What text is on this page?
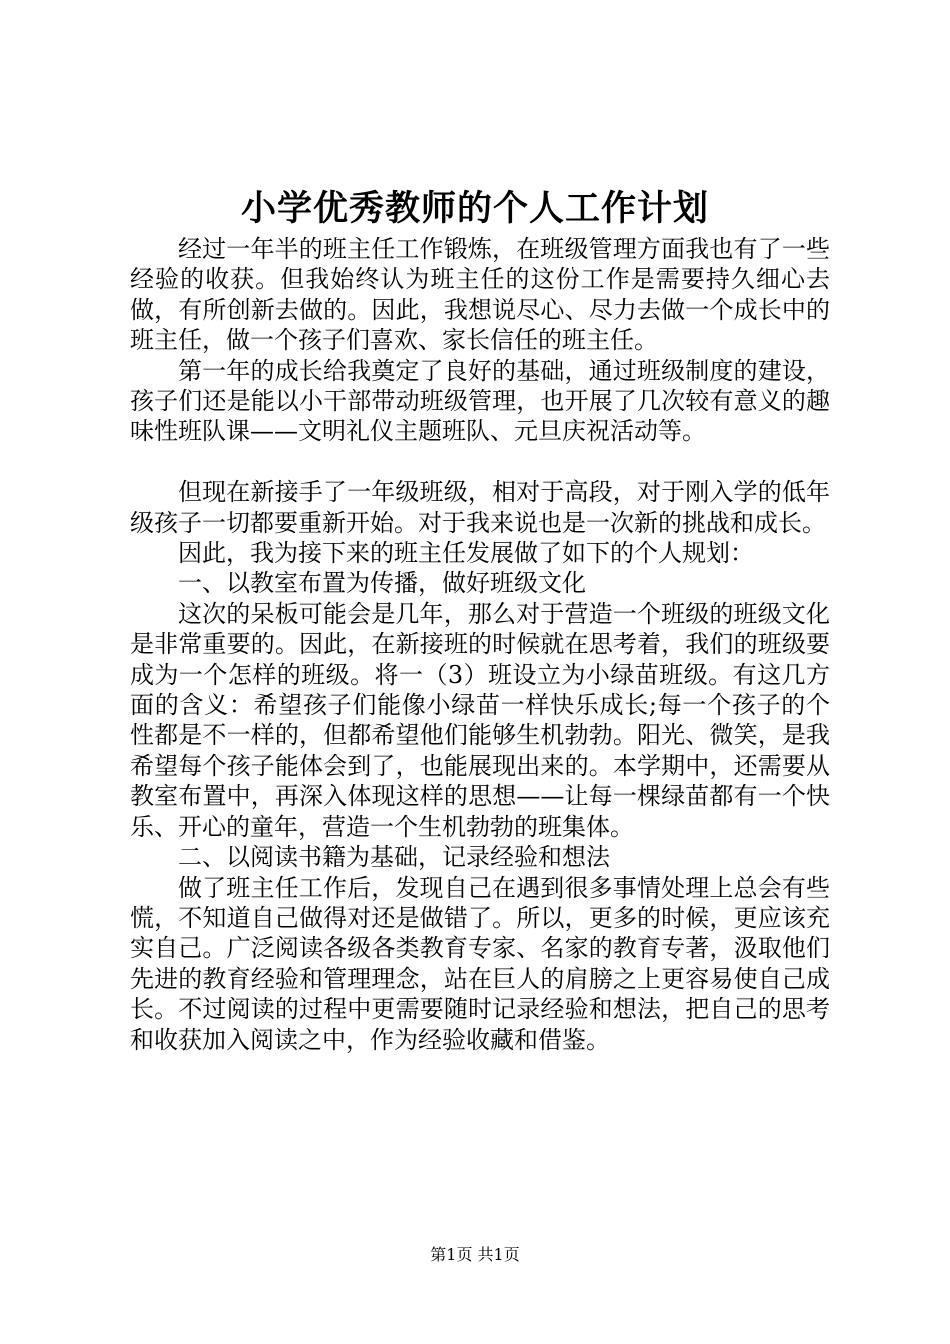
小学优秀教师的个人工作计划

经过一年半的班主任工作锻炼，在班级管理方面我也有了一些经验的收获。但我始终认为班主任的这份工作是需要持久细心去做，有所创新去做的。因此，我想说尽心、尽力去做一个成长中的班主任，做一个孩子们喜欢、家长信任的班主任。

第一年的成长给我奠定了良好的基础，通过班级制度的建设，孩子们还是能以小干部带动班级管理，也开展了几次较有意义的趣味性班队课——文明礼仪主题班队、元旦庆祝活动等。

但现在新接手了一年级班级，相对于高段，对于刚入学的低年级孩子一切都要重新开始。对于我来说也是一次新的挑战和成长。

因此，我为接下来的班主任发展做了如下的个人规划：

一、以教室布置为传播，做好班级文化

这次的呆板可能会是几年，那么对于营造一个班级的班级文化是非常重要的。因此，在新接班的时候就在思考着，我们的班级要成为一个怎样的班级。将一（3）班设立为小绿苗班级。有这几方面的含义：希望孩子们能像小绿苗一样快乐成长;每一个孩子的个性都是不一样的，但都希望他们能够生机勃勃。阳光、微笑，是我希望每个孩子能体会到了，也能展现出来的。本学期中，还需要从教室布置中，再深入体现这样的思想——让每一棵绿苗都有一个快乐、开心的童年，营造一个生机勃勃的班集体。

二、以阅读书籍为基础，记录经验和想法

做了班主任工作后，发现自己在遇到很多事情处理上总会有些慌，不知道自己做得对还是做错了。所以，更多的时候，更应该充实自己。广泛阅读各级各类教育专家、名家的教育专著，汲取他们先进的教育经验和管理理念，站在巨人的肩膀之上更容易使自己成长。不过阅读的过程中更需要随时记录经验和想法，把自己的思考和收获加入阅读之中，作为经验收藏和借鉴。

第1页 共1页
